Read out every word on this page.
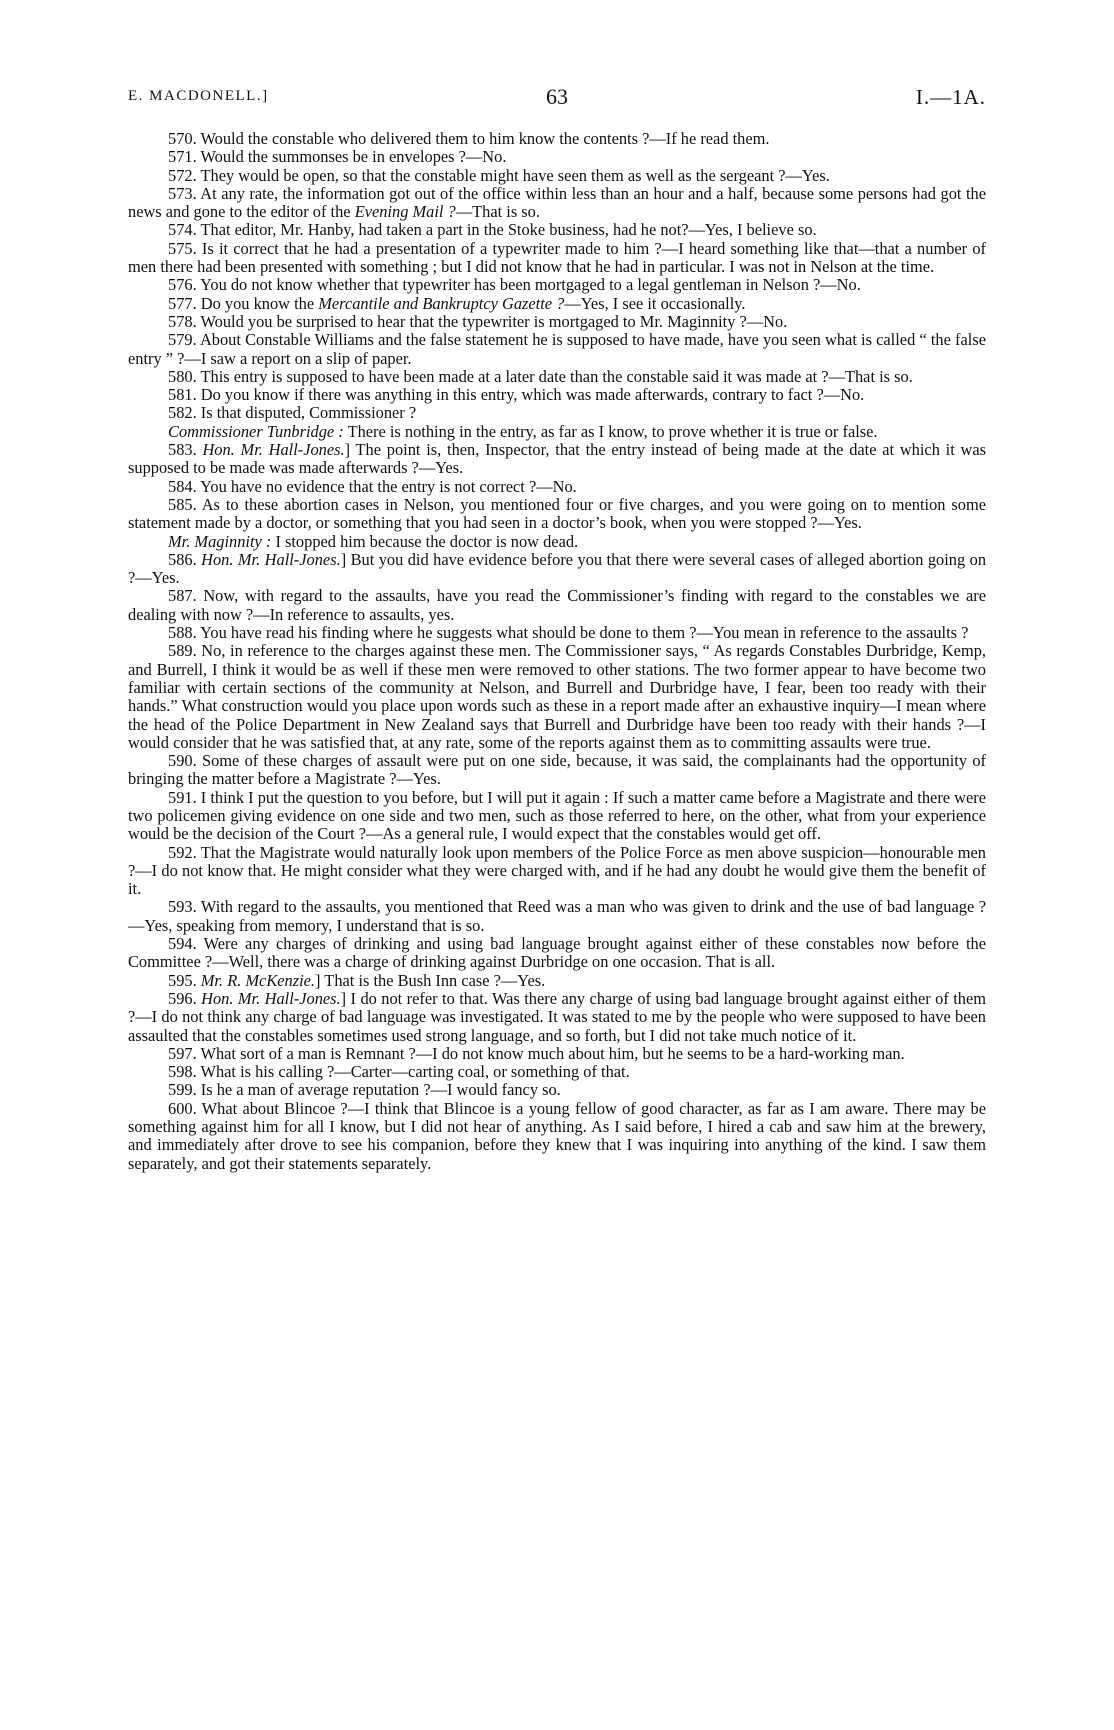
E. MACDONELL.]	63	I.—1A.

570. Would the constable who delivered them to him know the contents ?—If he read them.

571. Would the summonses be in envelopes ?—No.

572. They would be open, so that the constable might have seen them as well as the sergeant ?—Yes.

573. At any rate, the information got out of the office within less than an hour and a half, because some persons had got the news and gone to the editor of the Evening Mail ?—That is so.

574. That editor, Mr. Hanby, had taken a part in the Stoke business, had he not?—Yes, I believe so.

575. Is it correct that he had a presentation of a typewriter made to him ?—I heard something like that—that a number of men there had been presented with something ; but I did not know that he had in particular. I was not in Nelson at the time.

576. You do not know whether that typewriter has been mortgaged to a legal gentleman in Nelson ?—No.

577. Do you know the Mercantile and Bankruptcy Gazette ?—Yes, I see it occasionally.

578. Would you be surprised to hear that the typewriter is mortgaged to Mr. Maginnity ?—No.

579. About Constable Williams and the false statement he is supposed to have made, have you seen what is called “ the false entry ” ?—I saw a report on a slip of paper.

580. This entry is supposed to have been made at a later date than the constable said it was made at ?—That is so.

581. Do you know if there was anything in this entry, which was made afterwards, contrary to fact ?—No.

582. Is that disputed, Commissioner ?

Commissioner Tunbridge : There is nothing in the entry, as far as I know, to prove whether it is true or false.

583. Hon. Mr. Hall-Jones.] The point is, then, Inspector, that the entry instead of being made at the date at which it was supposed to be made was made afterwards ?—Yes.

584. You have no evidence that the entry is not correct ?—No.

585. As to these abortion cases in Nelson, you mentioned four or five charges, and you were going on to mention some statement made by a doctor, or something that you had seen in a doctor’s book, when you were stopped ?—Yes.

Mr. Maginnity : I stopped him because the doctor is now dead.

586. Hon. Mr. Hall-Jones.] But you did have evidence before you that there were several cases of alleged abortion going on ?—Yes.

587. Now, with regard to the assaults, have you read the Commissioner’s finding with regard to the constables we are dealing with now ?—In reference to assaults, yes.

588. You have read his finding where he suggests what should be done to them ?—You mean in reference to the assaults ?

589. No, in reference to the charges against these men. The Commissioner says, “ As regards Constables Durbridge, Kemp, and Burrell, I think it would be as well if these men were removed to other stations. The two former appear to have become two familiar with certain sections of the community at Nelson, and Burrell and Durbridge have, I fear, been too ready with their hands.” What construction would you place upon words such as these in a report made after an exhaustive inquiry—I mean where the head of the Police Department in New Zealand says that Burrell and Durbridge have been too ready with their hands ?—I would consider that he was satisfied that, at any rate, some of the reports against them as to committing assaults were true.

590. Some of these charges of assault were put on one side, because, it was said, the complainants had the opportunity of bringing the matter before a Magistrate ?—Yes.

591. I think I put the question to you before, but I will put it again : If such a matter came before a Magistrate and there were two policemen giving evidence on one side and two men, such as those referred to here, on the other, what from your experience would be the decision of the Court ?—As a general rule, I would expect that the constables would get off.

592. That the Magistrate would naturally look upon members of the Police Force as men above suspicion—honourable men ?—I do not know that. He might consider what they were charged with, and if he had any doubt he would give them the benefit of it.

593. With regard to the assaults, you mentioned that Reed was a man who was given to drink and the use of bad language ?—Yes, speaking from memory, I understand that is so.

594. Were any charges of drinking and using bad language brought against either of these constables now before the Committee ?—Well, there was a charge of drinking against Durbridge on one occasion. That is all.

595. Mr. R. McKenzie.] That is the Bush Inn case ?—Yes.

596. Hon. Mr. Hall-Jones.] I do not refer to that. Was there any charge of using bad language brought against either of them ?—I do not think any charge of bad language was investigated. It was stated to me by the people who were supposed to have been assaulted that the constables sometimes used strong language, and so forth, but I did not take much notice of it.

597. What sort of a man is Remnant ?—I do not know much about him, but he seems to be a hard-working man.

598. What is his calling ?—Carter—carting coal, or something of that.

599. Is he a man of average reputation ?—I would fancy so.

600. What about Blincoe ?—I think that Blincoe is a young fellow of good character, as far as I am aware. There may be something against him for all I know, but I did not hear of anything. As I said before, I hired a cab and saw him at the brewery, and immediately after drove to see his companion, before they knew that I was inquiring into anything of the kind. I saw them separately, and got their statements separately.
